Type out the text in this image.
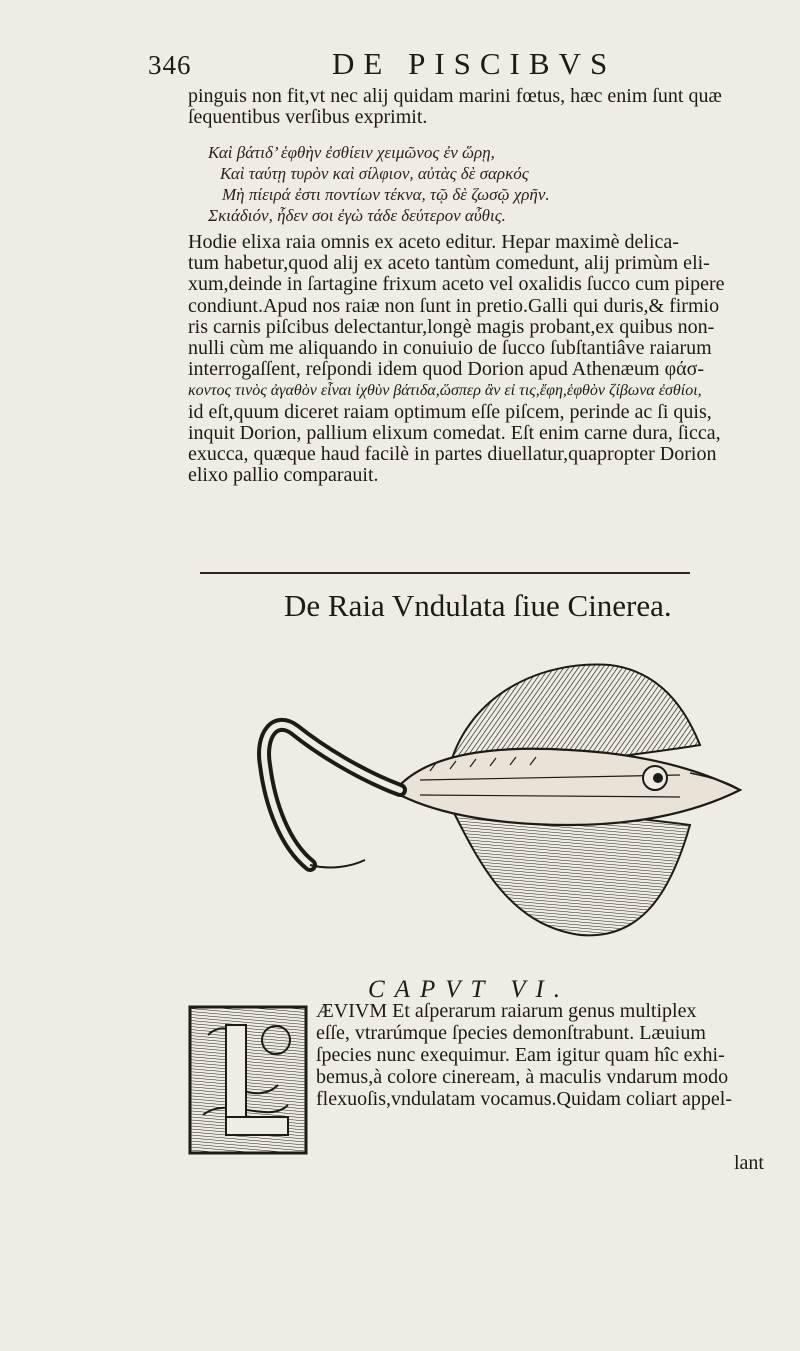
346	DE PISCIBVS
pinguis non fit,vt nec alij quidam marini fœtus, hæc enim ſunt quæ
ſequentibus verſibus exprimit.
Καὶ βάτιδ’ ἑφθὴν ἐσθίειν χειμῶνος ἐν ὥρῃ,
Καὶ ταύτῃ τυρὸν καὶ σίλφιον, αὐτὰς δὲ σαρκός
Μὴ πίειρά ἐστι ποντίων τέκνα, τῷ δὲ ζωσῷ χρῆν.
Σκιάδιόν, ἦδεν σοι ἐγὼ τάδε δεύτερον αὖθις.
Hodie elixa raia omnis ex aceto editur. Hepar maximè delica-
tum habetur,quod alij ex aceto tantùm comedunt, alij primùm eli-
xum,deinde in ſartagine frixum aceto vel oxalidis ſucco cum pipere
condiunt.Apud nos raiæ non ſunt in pretio.Galli qui duris,& firmio
ris carnis piſcibus delectantur,longè magis probant,ex quibus non-
nulli cùm me aliquando in conuiuio de ſucco ſubſtantiâve raiarum
interrogaſſent, reſpondi idem quod Dorion apud Athenæum φάσ-
κοντος τινὸς ἀγαθὸν εἶναι ἰχθὺν βάτιδα,ὥσπερ ἂν εἰ τις,ἔφη,ἑφθὸν ζίβωνα ἐσθίοι,
id eſt,quum diceret raiam optimum eſſe piſcem, perinde ac ſi quis,
inquit Dorion, pallium elixum comedat. Eſt enim carne dura, ſicca,
exucca, quæque haud facilè in partes diuellatur,quapropter Dorion
elixo pallio comparauit.
De Raia Vndulata ſiue Cinerea.
CAPVT VI.
ÆVIVM Et aſperarum raiarum genus multiplex
eſſe, vtrarúmque ſpecies demonſtrabunt. Læuium
ſpecies nunc exequimur. Eam igitur quam hîc exhi-
bemus,à colore cineream, à maculis vndarum modo
flexuoſis,vndulatam vocamus.Quidam coliart appel-
lant
